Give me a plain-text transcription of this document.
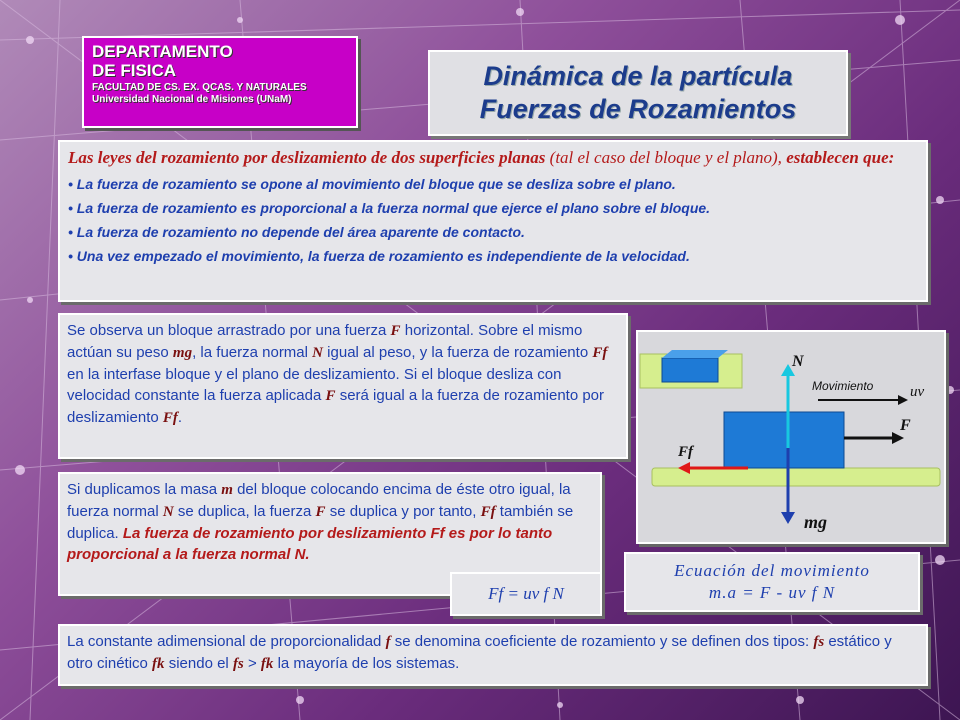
DEPARTAMENTO
DE FISICA
FACULTAD DE CS. EX. QCAS. Y NATURALES
Universidad Nacional de Misiones (UNaM)
Dinámica de la partícula
Fuerzas de Rozamientos
Las leyes del rozamiento por deslizamiento de dos superficies planas (tal el caso del bloque y el plano), establecen que:
• La fuerza de rozamiento se opone al movimiento del bloque que se desliza sobre el plano.
• La fuerza de rozamiento es proporcional a la fuerza normal que ejerce el plano sobre el bloque.
• La fuerza de rozamiento no depende del área aparente de contacto.
• Una vez empezado el movimiento, la fuerza de rozamiento es independiente de la velocidad.
Se observa un bloque arrastrado por una fuerza F horizontal. Sobre el mismo actúan su peso mg, la fuerza normal N igual al peso, y la fuerza de rozamiento Ff en la interfase bloque y el plano de deslizamiento. Si el bloque desliza con velocidad constante la fuerza aplicada F será igual a la fuerza de rozamiento por deslizamiento Ff.
Si duplicamos la masa m del bloque colocando encima de éste otro igual, la fuerza normal N se duplica, la fuerza F se duplica y por tanto, Ff también se duplica. La fuerza de rozamiento por deslizamiento Ff es por lo tanto proporcional a la fuerza normal N.
Ff = uv f N
Ecuación del movimiento
m.a = F - uv f N
La constante adimensional de proporcionalidad f se denomina coeficiente de rozamiento y se definen dos tipos: fs estático y otro cinético fk siendo el fs > fk la mayoría de los sistemas.
N
Movimiento uv
F
Ff
mg
